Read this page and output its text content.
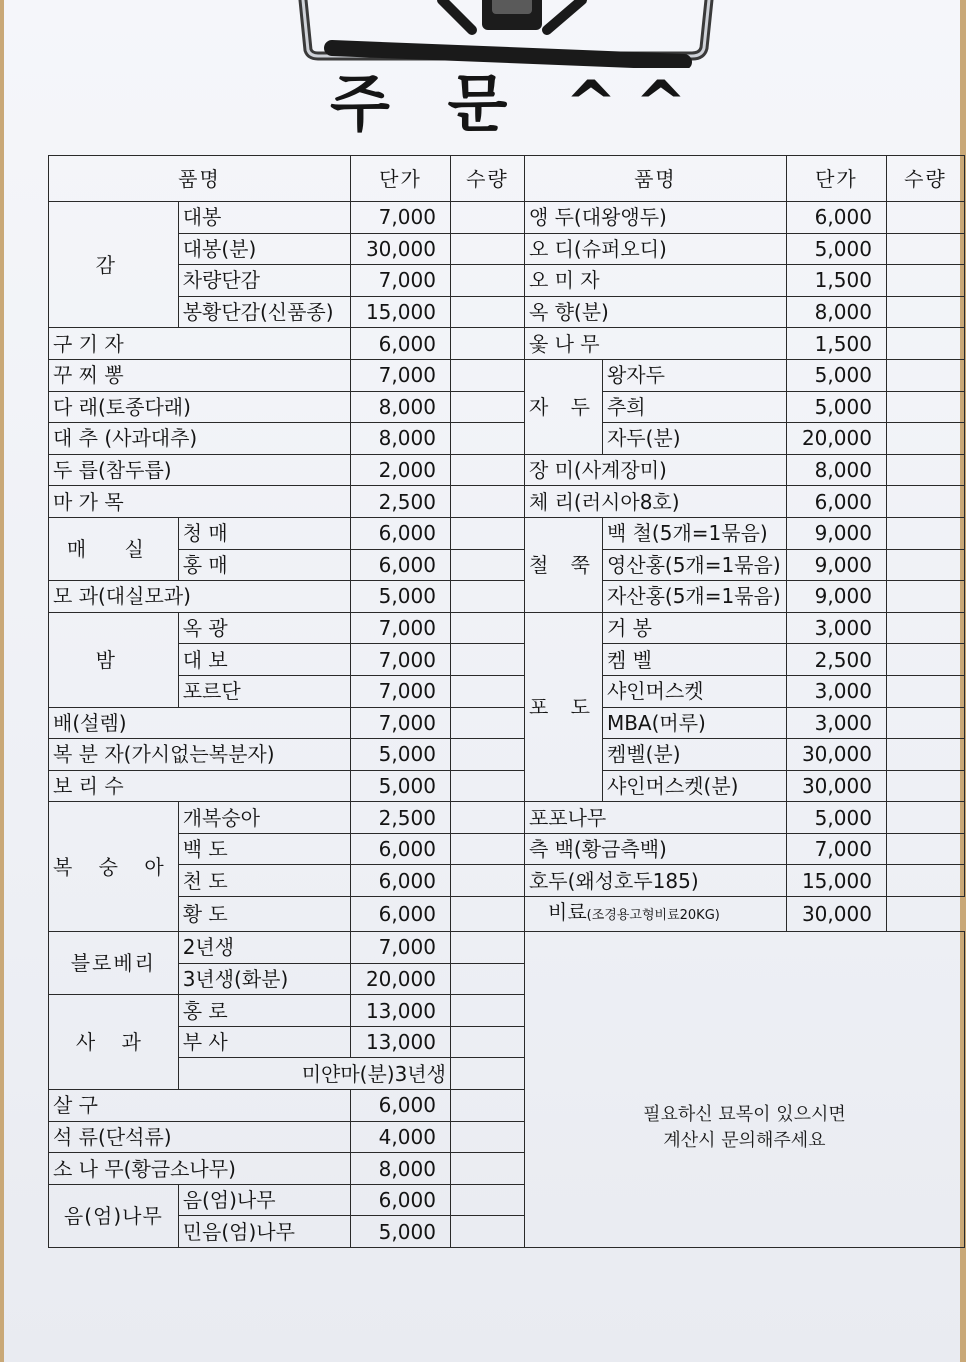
주 문 ^^
품명		단가	수량	품명		단가	수량
감	대봉	7,000		앵 두(대왕앵두)		6,000	
	대봉(분)	30,000		오 디(슈퍼오디)		5,000	
	차량단감	7,000		오 미 자		1,500	
	봉황단감(신품종)	15,000		옥 향(분)		8,000	
구 기 자		6,000		옻 나 무		1,500	
꾸 찌 뽕		7,000		자 두	왕자두	5,000	
다 래(토종다래)		8,000			추희	5,000	
대 추 (사과대추)		8,000			자두(분)	20,000	
두 릅(참두릅)		2,000		장 미(사계장미)		8,000	
마 가 목		2,500		체 리(러시아8호)		6,000	
매 실	청 매	6,000		철 쭉	백 철(5개=1묶음)	9,000	
	홍 매	6,000			영산홍(5개=1묶음)	9,000	
모 과(대실모과)		5,000			자산홍(5개=1묶음)	9,000	
밤	옥 광	7,000		포 도	거 봉	3,000	
	대 보	7,000			켐 벨	2,500	
	포르단	7,000			샤인머스켓	3,000	
배(설렘)		7,000			MBA(머루)	3,000	
복 분 자(가시없는복분자)		5,000			켐벨(분)	30,000	
보 리 수		5,000			샤인머스켓(분)	30,000	
복 숭 아	개복숭아	2,500		포포나무		5,000	
	백 도	6,000		측 백(황금측백)		7,000	
	천 도	6,000		호두(왜성호두185)		15,000	
	황 도	6,000		비료(조경용고형비료20KG)		30,000	
블로베리	2년생	7,000		필요하신 묘목이 있으시면
계산시 문의해주세요			

	3년생(화분)	20,000					
사 과	홍 로	13,000					
	부 사	13,000					
	미얀마(분)3년생						
살 구		6,000					
석 류(단석류)		4,000					
소 나 무(황금소나무)		8,000					
음(엄)나무	음(엄)나무	6,000					
	민음(엄)나무	5,000					
